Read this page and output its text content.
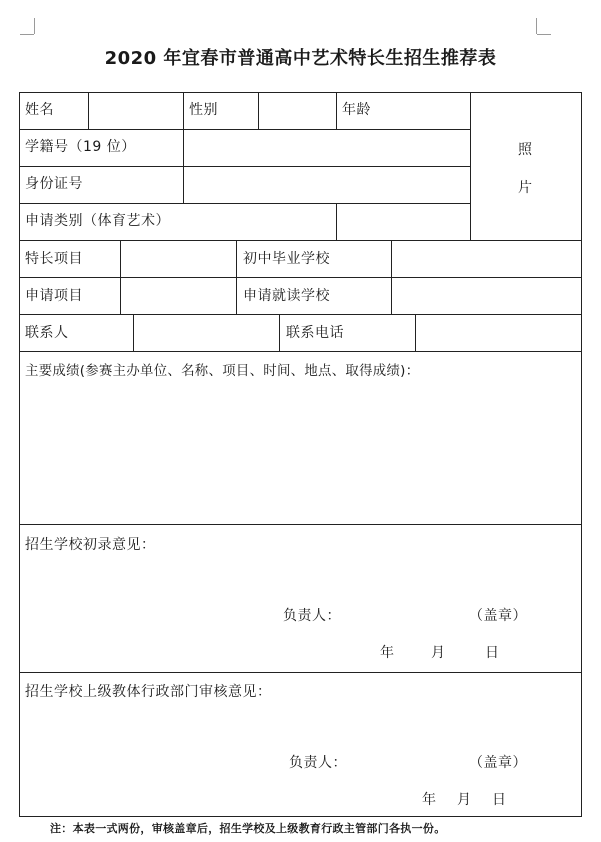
2020 年宜春市普通高中艺术特长生招生推荐表
姓名	性别	年龄
照
片
学籍号（19 位）
身份证号
申请类别（体育艺术）
特长项目	初中毕业学校
申请项目	申请就读学校
联系人	联系电话
主要成绩(参赛主办单位、名称、项目、时间、地点、取得成绩)：
招生学校初录意见：
负责人：	（盖章）
年	月	日
招生学校上级教体行政部门审核意见：
负责人：	（盖章）
年 月 日
注：本表一式两份，审核盖章后，招生学校及上级教育行政主管部门各执一份。
